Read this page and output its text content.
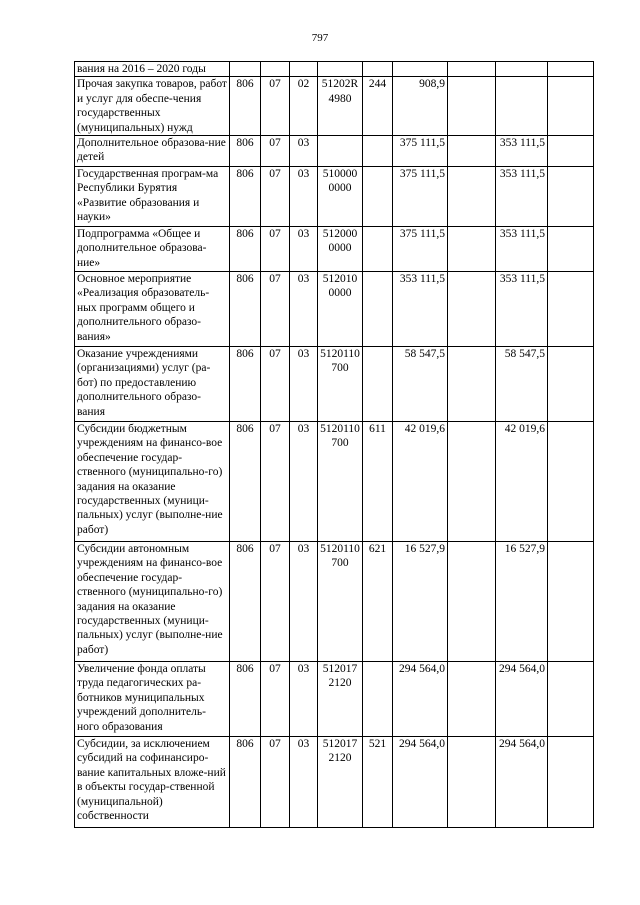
797
вания на 2016 – 2020 годы									
Прочая закупка товаров, работ и услуг для обеспе-чения государственных (муниципальных) нужд	806	07	02	51202R4980	244	908,9			
Дополнительное образова-ние детей	806	07	03			375 111,5		353 111,5	
Государственная програм-ма Республики Бурятия «Развитие образования и науки»	806	07	03	5100000000		375 111,5		353 111,5	
Подпрограмма «Общее и дополнительное образова-ние»	806	07	03	5120000000		375 111,5		353 111,5	
Основное мероприятие «Реализация образователь-ных программ общего и дополнительного образо-вания»	806	07	03	5120100000		353 111,5		353 111,5	
Оказание учреждениями (организациями) услуг (ра-бот) по предоставлению дополнительного образо-вания	806	07	03	5120110700		58 547,5		58 547,5	
Субсидии бюджетным учреждениям на финансо-вое обеспечение государ-ственного (муниципально-го) задания на оказание государственных (муници-пальных) услуг (выполне-ние работ)	806	07	03	5120110700	611	42 019,6		42 019,6	
Субсидии автономным учреждениям на финансо-вое обеспечение государ-ственного (муниципально-го) задания на оказание государственных (муници-пальных) услуг (выполне-ние работ)	806	07	03	5120110700	621	16 527,9		16 527,9	
Увеличение фонда оплаты труда педагогических ра-ботников муниципальных учреждений дополнитель-ного образования	806	07	03	5120172120		294 564,0		294 564,0	
Субсидии, за исключением субсидий на софинансиро-вание капитальных вложе-ний в объекты государ-ственной (муниципальной) собственности	806	07	03	5120172120	521	294 564,0		294 564,0	
